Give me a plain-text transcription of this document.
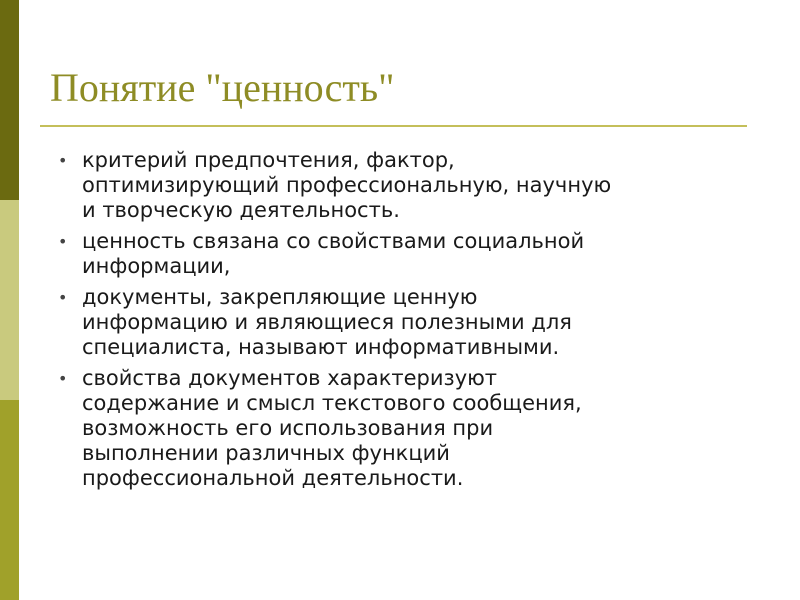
Понятие "ценность"
• критерий предпочтения, фактор,
оптимизирующий профессиональную, научную
и творческую деятельность.
• ценность связана со свойствами социальной
информации,
• документы, закрепляющие ценную
информацию и являющиеся полезными для
специалиста, называют информативными.
• свойства документов характеризуют
содержание и смысл текстового сообщения,
возможность его использования при
выполнении различных функций
профессиональной деятельности.
